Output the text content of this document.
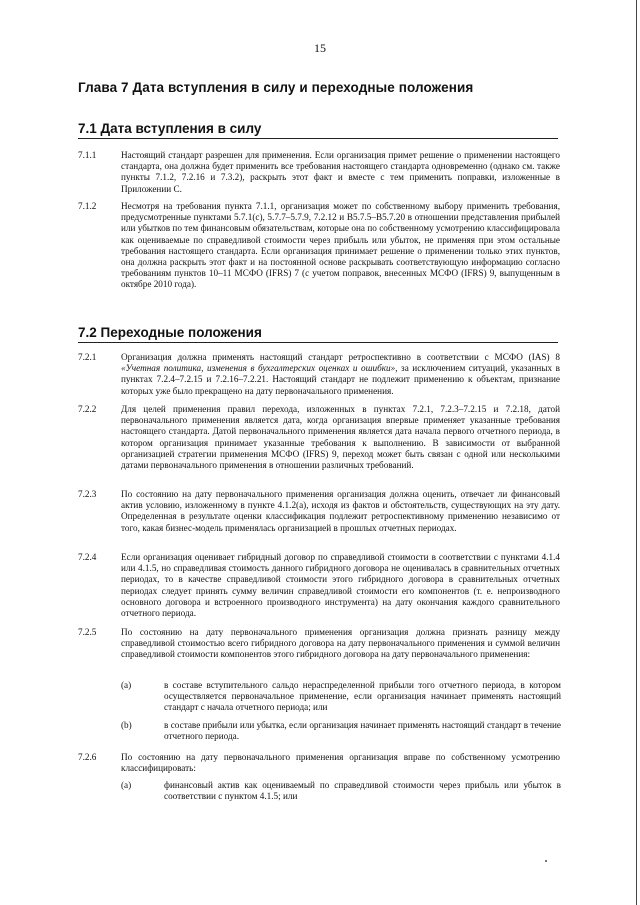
15
Глава 7 Дата вступления в силу и переходные положения
7.1 Дата вступления в силу
7.1.1	Настоящий стандарт разрешен для применения. Если организация примет решение о применении настоящего стандарта, она должна будет применить все требования настоящего стандарта одновременно (однако см. также пункты 7.1.2, 7.2.16 и 7.3.2), раскрыть этот факт и вместе с тем применить поправки, изложенные в Приложении С.
7.1.2	Несмотря на требования пункта 7.1.1, организация может по собственному выбору применить требования, предусмотренные пунктами 5.7.1(c), 5.7.7–5.7.9, 7.2.12 и B5.7.5–B5.7.20 в отношении представления прибылей или убытков по тем финансовым обязательствам, которые она по собственному усмотрению классифицировала как оцениваемые по справедливой стоимости через прибыль или убыток, не применяя при этом остальные требования настоящего стандарта. Если организация принимает решение о применении только этих пунктов, она должна раскрыть этот факт и на постоянной основе раскрывать соответствующую информацию согласно требованиям пунктов 10–11 МСФО (IFRS) 7 (с учетом поправок, внесенных МСФО (IFRS) 9, выпущенным в октябре 2010 года).
7.2 Переходные положения
7.2.1	Организация должна применять настоящий стандарт ретроспективно в соответствии с МСФО (IAS) 8 «Учетная политика, изменения в бухгалтерских оценках и ошибки», за исключением ситуаций, указанных в пунктах 7.2.4–7.2.15 и 7.2.16–7.2.21. Настоящий стандарт не подлежит применению к объектам, признание которых уже было прекращено на дату первоначального применения.
7.2.2	Для целей применения правил перехода, изложенных в пунктах 7.2.1, 7.2.3–7.2.15 и 7.2.18, датой первоначального применения является дата, когда организация впервые применяет указанные требования настоящего стандарта. Датой первоначального применения является дата начала первого отчетного периода, в котором организация принимает указанные требования к выполнению. В зависимости от выбранной организацией стратегии применения МСФО (IFRS) 9, переход может быть связан с одной или несколькими датами первоначального применения в отношении различных требований.
7.2.3	По состоянию на дату первоначального применения организация должна оценить, отвечает ли финансовый актив условию, изложенному в пункте 4.1.2(a), исходя из фактов и обстоятельств, существующих на эту дату. Определенная в результате оценки классификация подлежит ретроспективному применению независимо от того, какая бизнес-модель применялась организацией в прошлых отчетных периодах.
7.2.4	Если организация оценивает гибридный договор по справедливой стоимости в соответствии с пунктами 4.1.4 или 4.1.5, но справедливая стоимость данного гибридного договора не оценивалась в сравнительных отчетных периодах, то в качестве справедливой стоимости этого гибридного договора в сравнительных отчетных периодах следует принять сумму величин справедливой стоимости его компонентов (т. е. непроизводного основного договора и встроенного производного инструмента) на дату окончания каждого сравнительного отчетного периода.
7.2.5	По состоянию на дату первоначального применения организация должна признать разницу между справедливой стоимостью всего гибридного договора на дату первоначального применения и суммой величин справедливой стоимости компонентов этого гибридного договора на дату первоначального применения:
(a)	в составе вступительного сальдо нераспределенной прибыли того отчетного периода, в котором осуществляется первоначальное применение, если организация начинает применять настоящий стандарт с начала отчетного периода; или
(b)	в составе прибыли или убытка, если организация начинает применять настоящий стандарт в течение отчетного периода.
7.2.6	По состоянию на дату первоначального применения организация вправе по собственному усмотрению классифицировать:
(a)	финансовый актив как оцениваемый по справедливой стоимости через прибыль или убыток в соответствии с пунктом 4.1.5; или
